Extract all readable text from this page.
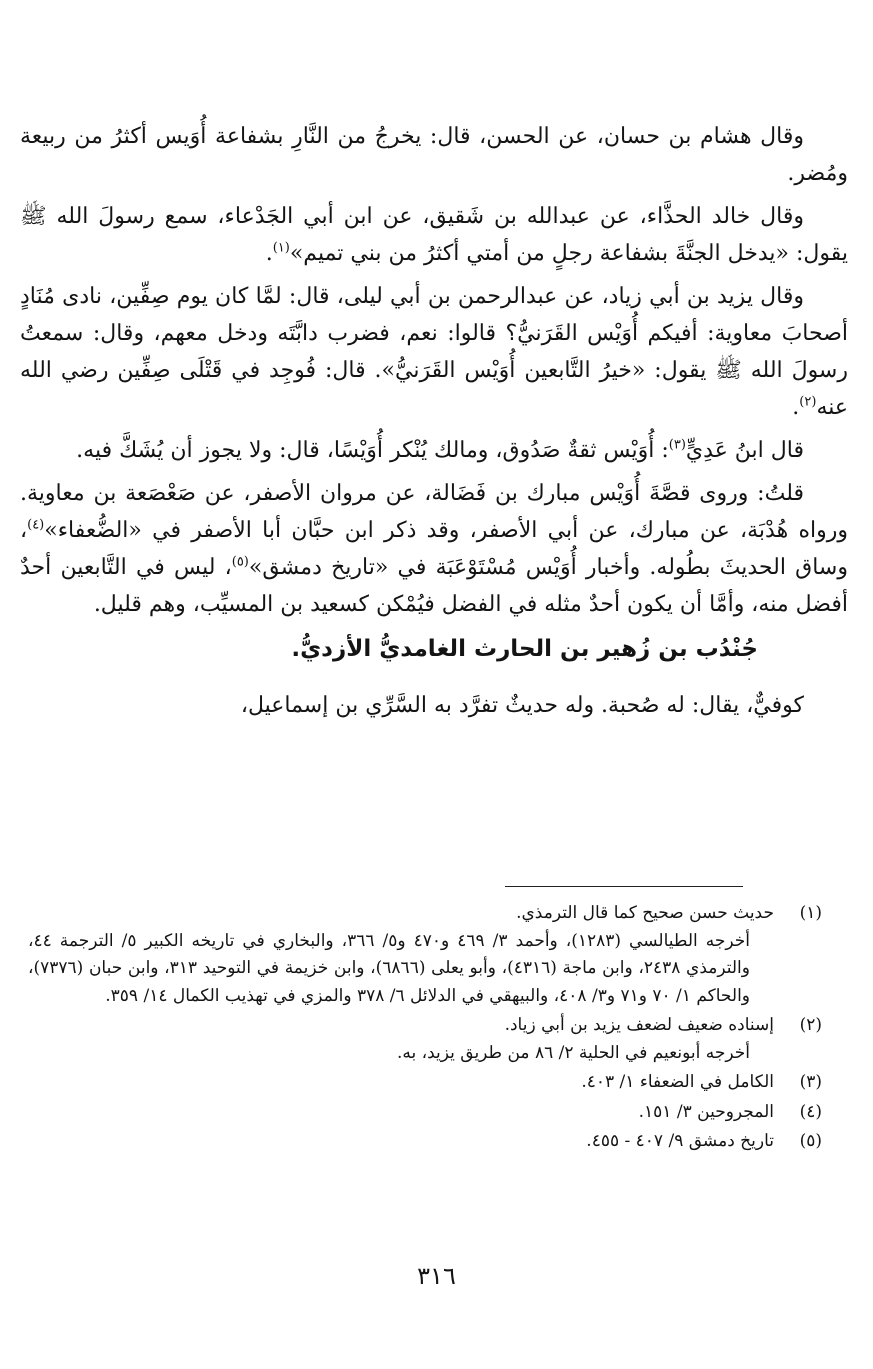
وقال هشام بن حسان، عن الحسن، قال: يخرجُ من النَّارِ بشفاعة أُوَيس أكثرُ من ربيعة ومُضر.

وقال خالد الحذَّاء، عن عبدالله بن شَقيق، عن ابن أبي الجَدْعاء، سمع رسولَ الله ﷺ يقول: «يدخل الجنَّةَ بشفاعة رجلٍ من أمتي أكثرُ من بني تميم»$^{(١)}$.

وقال يزيد بن أبي زياد، عن عبدالرحمن بن أبي ليلى، قال: لمَّا كان يوم صِفِّين، نادى مُنَادٍ أصحابَ معاوية: أفيكم أُوَيْس القَرَنيُّ؟ قالوا: نعم، فضرب دابَّتَه ودخل معهم، وقال: سمعتُ رسولَ الله ﷺ يقول: «خيرُ التَّابعين أُوَيْس القَرَنيُّ». قال: فُوجِد في قَتْلَى صِفِّين رضي الله عنه$^{(٢)}$.

قال ابنُ عَدِيٍّ$^{(٣)}$: أُوَيْس ثقةٌ صَدُوق، ومالك يُنْكر أُوَيْسًا، قال: ولا يجوز أن يُشَكَّ فيه.

قلتُ: وروى قصَّةَ أُوَيْس مبارك بن فَضَالة، عن مروان الأصفر، عن صَعْصَعة بن معاوية. ورواه هُدْبَة، عن مبارك، عن أبي الأصفر، وقد ذكر ابن حبَّان أبا الأصفر في «الضُّعفاء»$^{(٤)}$، وساق الحديثَ بطُوله. وأخبار أُوَيْس مُسْتَوْعَبَة في «تاريخ دمشق»$^{(٥)}$، ليس في التَّابعين أحدٌ أفضل منه، وأمَّا أن يكون أحدٌ مثله في الفضل فيُمْكن كسعيد بن المسيِّب، وهم قليل.

جُنْدُب بن زُهير بن الحارث الغامديُّ الأزديُّ.

كوفيٌّ، يقال: له صُحبة. وله حديثٌ تفرَّد به السَّرِّي بن إسماعيل،

(١)
حديث حسن صحيح كما قال الترمذي.
أخرجه الطيالسي (١٢٨٣)، وأحمد ٣/ ٤٦٩ و٤٧٠ و٥/ ٣٦٦، والبخاري في تاريخه الكبير ٥/ الترجمة ٤٤، والترمذي ٢٤٣٨، وابن ماجة (٤٣١٦)، وأبو يعلى (٦٨٦٦)، وابن خزيمة في التوحيد ٣١٣، وابن حبان (٧٣٧٦)، والحاكم ١/ ٧٠ و٧١ و٣/ ٤٠٨، والبيهقي في الدلائل ٦/ ٣٧٨ والمزي في تهذيب الكمال ١٤/ ٣٥٩.
(٢)
إسناده ضعيف لضعف يزيد بن أبي زياد.
أخرجه أبونعيم في الحلية ٢/ ٨٦ من طريق يزيد، به.
(٣)
الكامل في الضعفاء ١/ ٤٠٣.
(٤)
المجروحين ٣/ ١٥١.
(٥)
تاريخ دمشق ٩/ ٤٠٧ - ٤٥٥.
٣١٦
